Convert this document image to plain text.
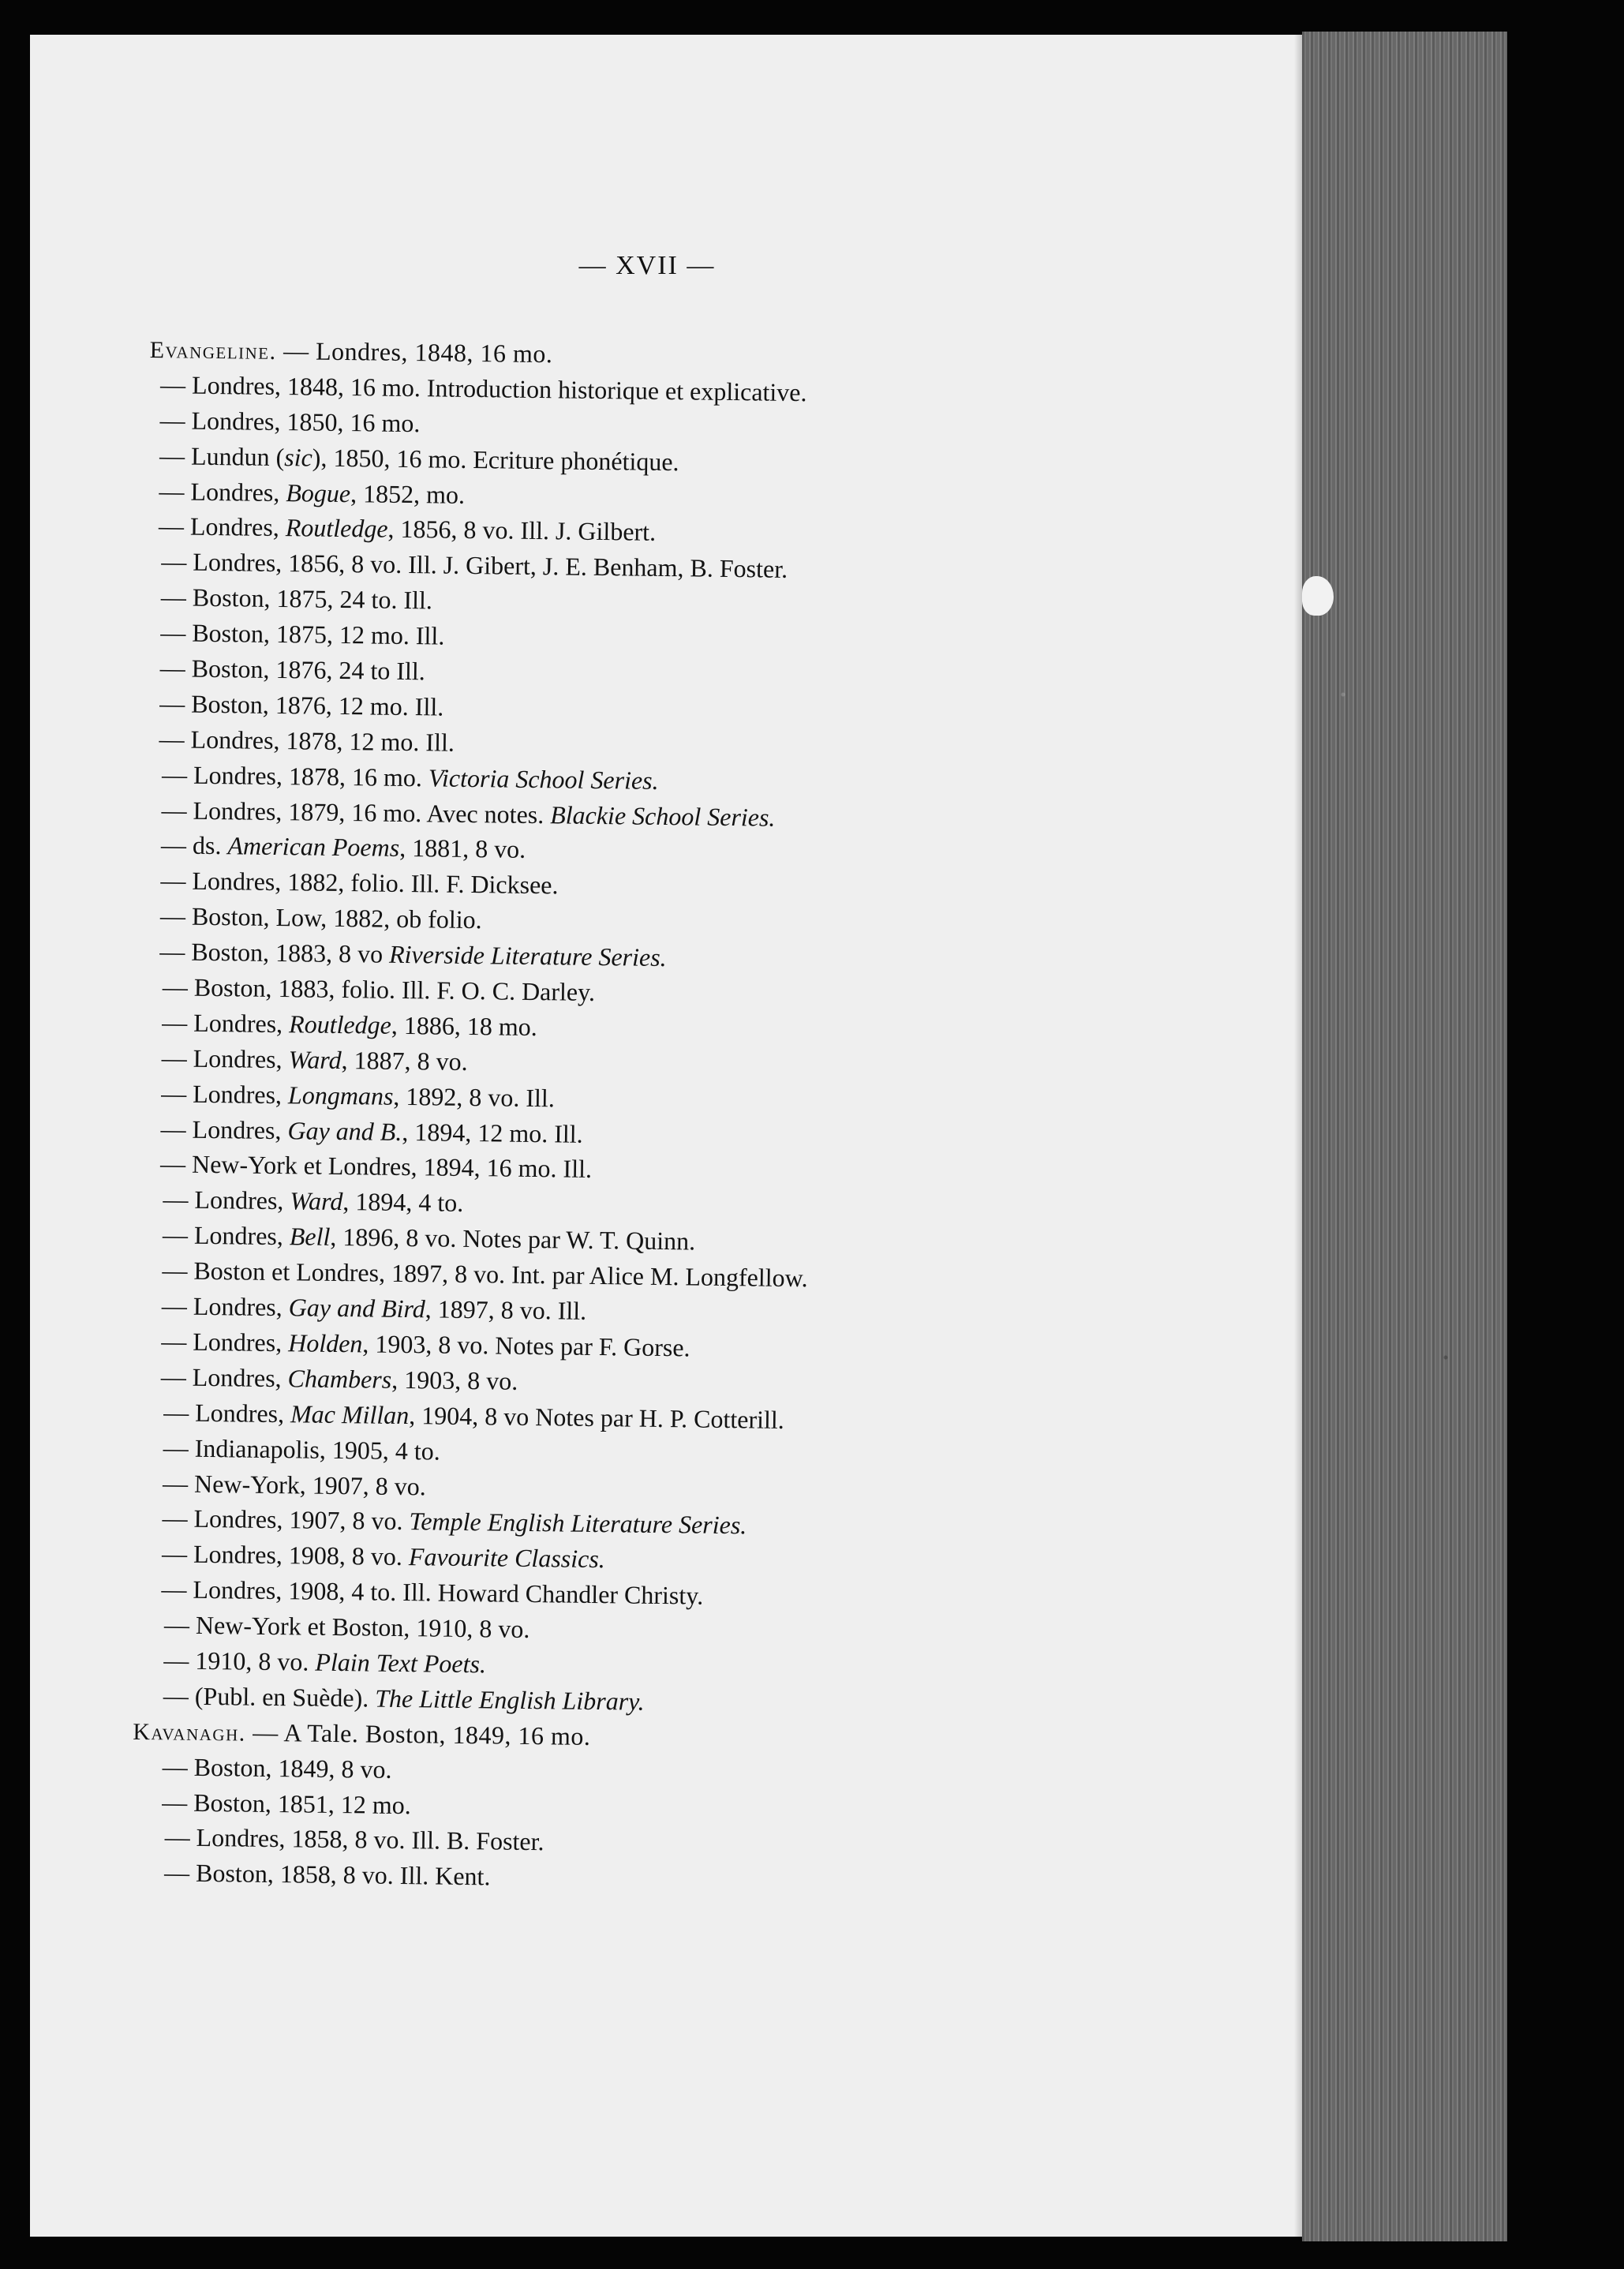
— XVII —
Evangeline. — Londres, 1848, 16 mo.
— Londres, 1848, 16 mo. Introduction historique et explicative.
— Londres, 1850, 16 mo.
— Lundun (sic), 1850, 16 mo. Ecriture phonétique.
— Londres, Bogue, 1852, mo.
— Londres, Routledge, 1856, 8 vo. Ill. J. Gilbert.
— Londres, 1856, 8 vo. Ill. J. Gibert, J. E. Benham, B. Foster.
— Boston, 1875, 24 to. Ill.
— Boston, 1875, 12 mo. Ill.
— Boston, 1876, 24 to Ill.
— Boston, 1876, 12 mo. Ill.
— Londres, 1878, 12 mo. Ill.
— Londres, 1878, 16 mo. Victoria School Series.
— Londres, 1879, 16 mo. Avec notes. Blackie School Series.
— ds. American Poems, 1881, 8 vo.
— Londres, 1882, folio. Ill. F. Dicksee.
— Boston, Low, 1882, ob folio.
— Boston, 1883, 8 vo Riverside Literature Series.
— Boston, 1883, folio. Ill. F. O. C. Darley.
— Londres, Routledge, 1886, 18 mo.
— Londres, Ward, 1887, 8 vo.
— Londres, Longmans, 1892, 8 vo. Ill.
— Londres, Gay and B., 1894, 12 mo. Ill.
— New-York et Londres, 1894, 16 mo. Ill.
— Londres, Ward, 1894, 4 to.
— Londres, Bell, 1896, 8 vo. Notes par W. T. Quinn.
— Boston et Londres, 1897, 8 vo. Int. par Alice M. Longfellow.
— Londres, Gay and Bird, 1897, 8 vo. Ill.
— Londres, Holden, 1903, 8 vo. Notes par F. Gorse.
— Londres, Chambers, 1903, 8 vo.
— Londres, Mac Millan, 1904, 8 vo Notes par H. P. Cotterill.
— Indianapolis, 1905, 4 to.
— New-York, 1907, 8 vo.
— Londres, 1907, 8 vo. Temple English Literature Series.
— Londres, 1908, 8 vo. Favourite Classics.
— Londres, 1908, 4 to. Ill. Howard Chandler Christy.
— New-York et Boston, 1910, 8 vo.
— 1910, 8 vo. Plain Text Poets.
— (Publ. en Suède). The Little English Library.
Kavanagh. — A Tale. Boston, 1849, 16 mo.
— Boston, 1849, 8 vo.
— Boston, 1851, 12 mo.
— Londres, 1858, 8 vo. Ill. B. Foster.
— Boston, 1858, 8 vo. Ill. Kent.
